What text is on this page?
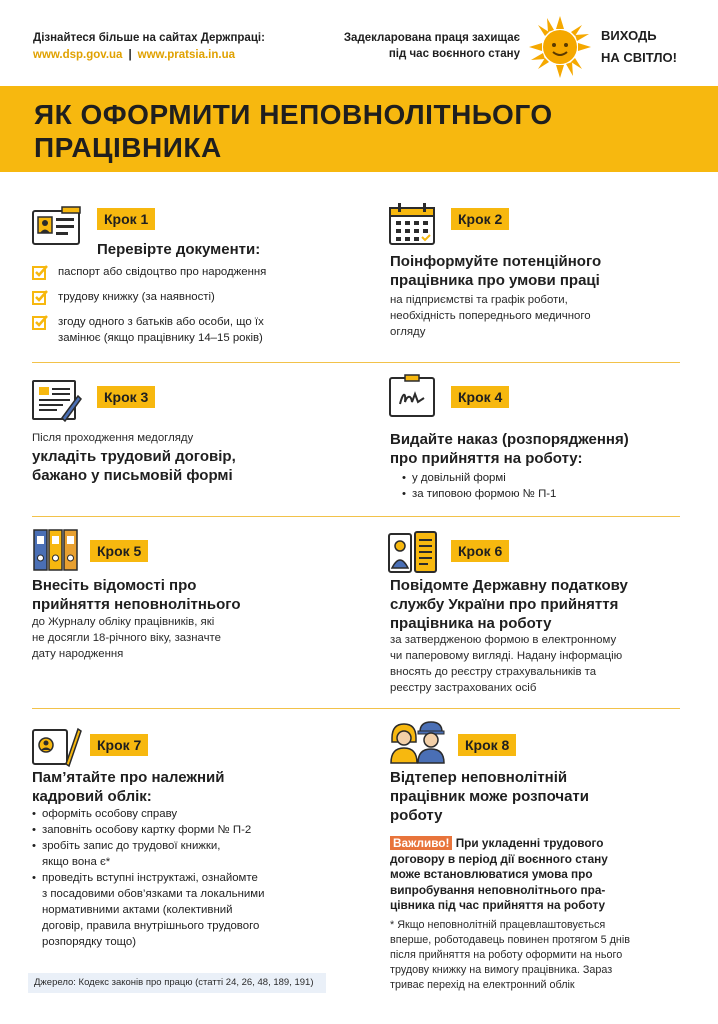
Дізнайтеся більше на сайтах Держпраці:
www.dsp.gov.ua | www.pratsia.in.ua
Задекларована праця захищає
під час воєнного стану
ВИХОДЬ
НА СВІТЛО!
ЯК ОФОРМИТИ НЕПОВНОЛІТНЬОГО
ПРАЦІВНИКА
Крок 1
Перевірте документи:
паспорт або свідоцтво про народження
трудову книжку (за наявності)
згоду одного з батьків або особи, що їх
замінює (якщо працівнику 14–15 років)
Крок 2
Поінформуйте потенційного
працівника про умови праці
на підприємстві та графік роботи,
необхідність попереднього медичного
огляду
Крок 3
Після проходження медогляду
укладіть трудовий договір,
бажано у письмовій формі
Крок 4
Видайте наказ (розпорядження)
про прийняття на роботу:
• у довільній формі
• за типовою формою № П-1
Крок 5
Внесіть відомості про
прийняття неповнолітнього
до Журналу обліку працівників, які
не досягли 18-річного віку, зазначте
дату народження
Крок 6
Повідомте Державну податкову
службу України про прийняття
працівника на роботу
за затвердженою формою в електронному
чи паперовому вигляді. Надану інформацію
вносять до реєстру страхувальників та
реєстру застрахованих осіб
Крок 7
Пам’ятайте про належний
кадровий облік:
• оформіть особову справу
• заповніть особову картку форми № П-2
• зробіть запис до трудової книжки,
якщо вона є*
• проведіть вступні інструктажі, ознайомте
з посадовими обов’язками та локальними
нормативними актами (колективний
договір, правила внутрішнього трудового
розпорядку тощо)
Крок 8
Відтепер неповнолітній
працівник може розпочати
роботу
Важливо! При укладенні трудового
договору в період дії воєнного стану
може встановлюватися умова про
випробування неповнолітнього пра-
цівника під час прийняття на роботу
* Якщо неповнолітній працевлаштовується
вперше, роботодавець повинен протягом 5 днів
після прийняття на роботу оформити на нього
трудову книжку на вимогу працівника. Зараз
триває перехід на електронний облік
Джерело: Кодекс законів про працю (статті 24, 26, 48, 189, 191)
